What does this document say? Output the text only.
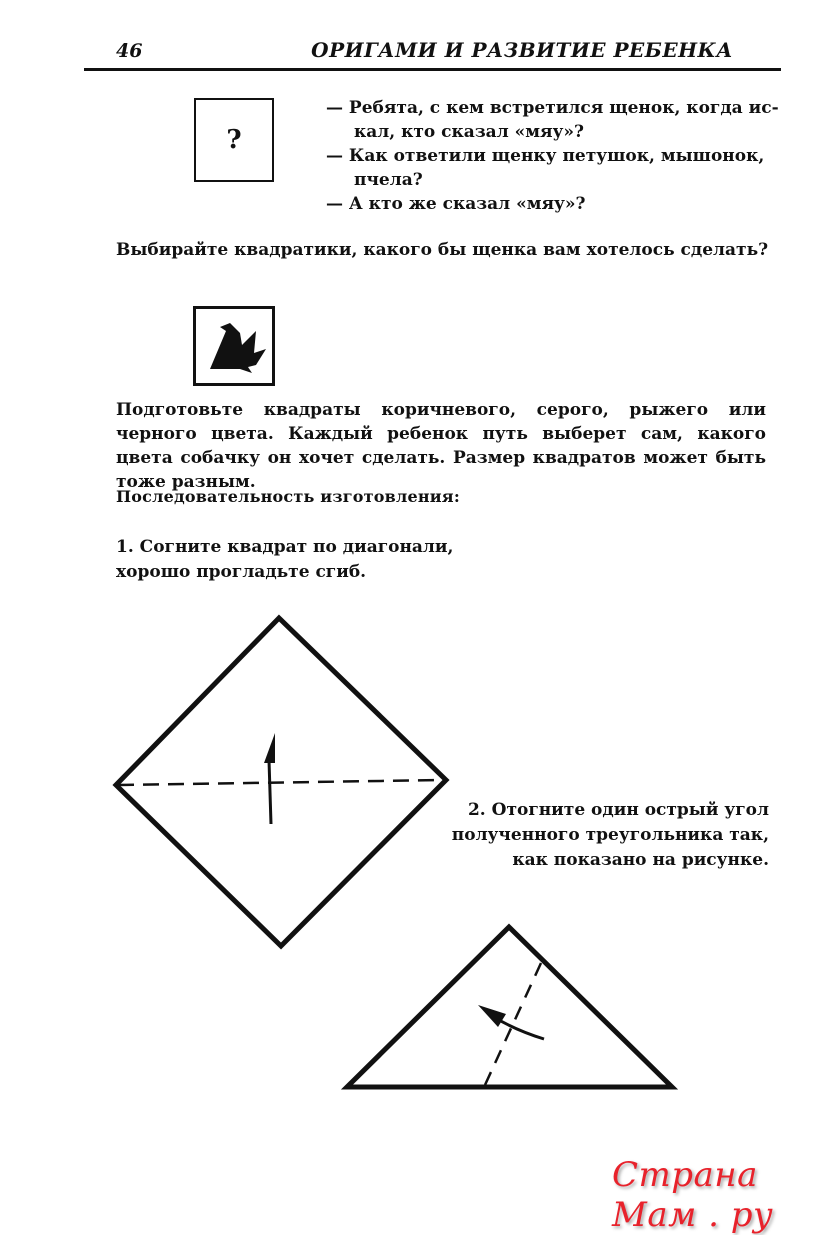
46	ОРИГАМИ И РАЗВИТИЕ РЕБЕНКА
?
— Ребята, с кем встретился щенок, когда ис-
кал, кто сказал «мяу»?
— Как ответили щенку петушок, мышонок,
пчела?
— А кто же сказал «мяу»?
Выбирайте квадратики, какого бы щенка вам хотелось сделать?
Подготовьте квадраты коричневого, серого, рыжего или черного цвета. Каждый ребенок путь выберет сам, какого цвета собачку он хочет сделать. Размер квадратов может быть тоже разным.
Последовательность изготовления:
1. Согните квадрат по диагонали,
хорошо прогладьте сгиб.
2. Отогните один острый угол
полученного треугольника так,
как показано на рисунке.
Страна Мам . ру
